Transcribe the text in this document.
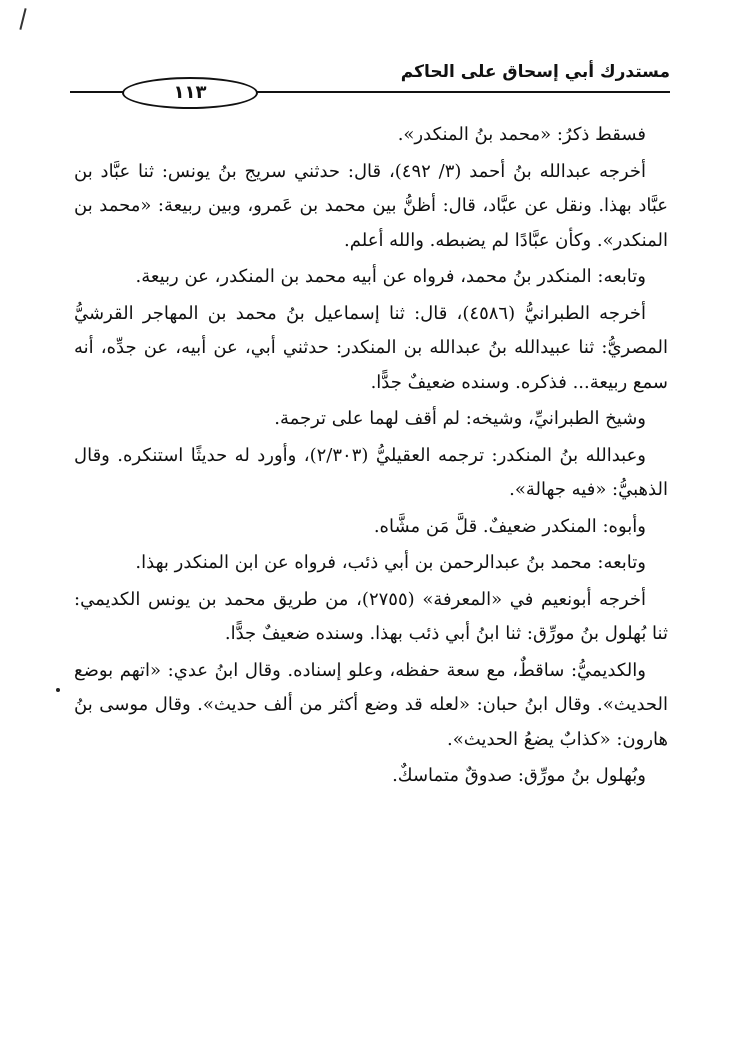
مستدرك أبي إسحاق على الحاكم
١١٣

فسقط ذكرُ: «محمد بنُ المنكدر».

أخرجه عبدالله بنُ أحمد (٣/ ٤٩٢)، قال: حدثني سريج بنُ يونس: ثنا عبَّاد بن عبَّاد بهذا. ونقل عن عبَّاد، قال: أظنُّ بين محمد بن عَمرو، وبين ربيعة: «محمد بن المنكدر». وكأن عبَّادًا لم يضبطه. والله أعلم.

وتابعه: المنكدر بنُ محمد، فرواه عن أبيه محمد بن المنكدر، عن ربيعة.

أخرجه الطبرانيُّ (٤٥٨٦)، قال: ثنا إسماعيل بنُ محمد بن المهاجر القرشيُّ المصريُّ: ثنا عبيدالله بنُ عبدالله بن المنكدر: حدثني أبي، عن أبيه، عن جدِّه، أنه سمع ربيعة... فذكره. وسنده ضعيفٌ جدًّا.

وشيخ الطبرانيِّ، وشيخه: لم أقف لهما على ترجمة.

وعبدالله بنُ المنكدر: ترجمه العقيليُّ (٢/٣٠٣)، وأورد له حديثًا استنكره. وقال الذهبيُّ: «فيه جهالة».

وأبوه: المنكدر ضعيفٌ. قلَّ مَن مشَّاه.

وتابعه: محمد بنُ عبدالرحمن بن أبي ذئب، فرواه عن ابن المنكدر بهذا.

أخرجه أبونعيم في «المعرفة» (٢٧٥٥)، من طريق محمد بن يونس الكديمي: ثنا بُهلول بنُ مورِّق: ثنا ابنُ أبي ذئب بهذا. وسنده ضعيفٌ جدًّا.

والكديميُّ: ساقطٌ، مع سعة حفظه، وعلو إسناده. وقال ابنُ عدي: «اتهم بوضع الحديث». وقال ابنُ حبان: «لعله قد وضع أكثر من ألف حديث». وقال موسى بنُ هارون: «كذابٌ يضعُ الحديث».

وبُهلول بنُ مورِّق: صدوقٌ متماسكٌ.
